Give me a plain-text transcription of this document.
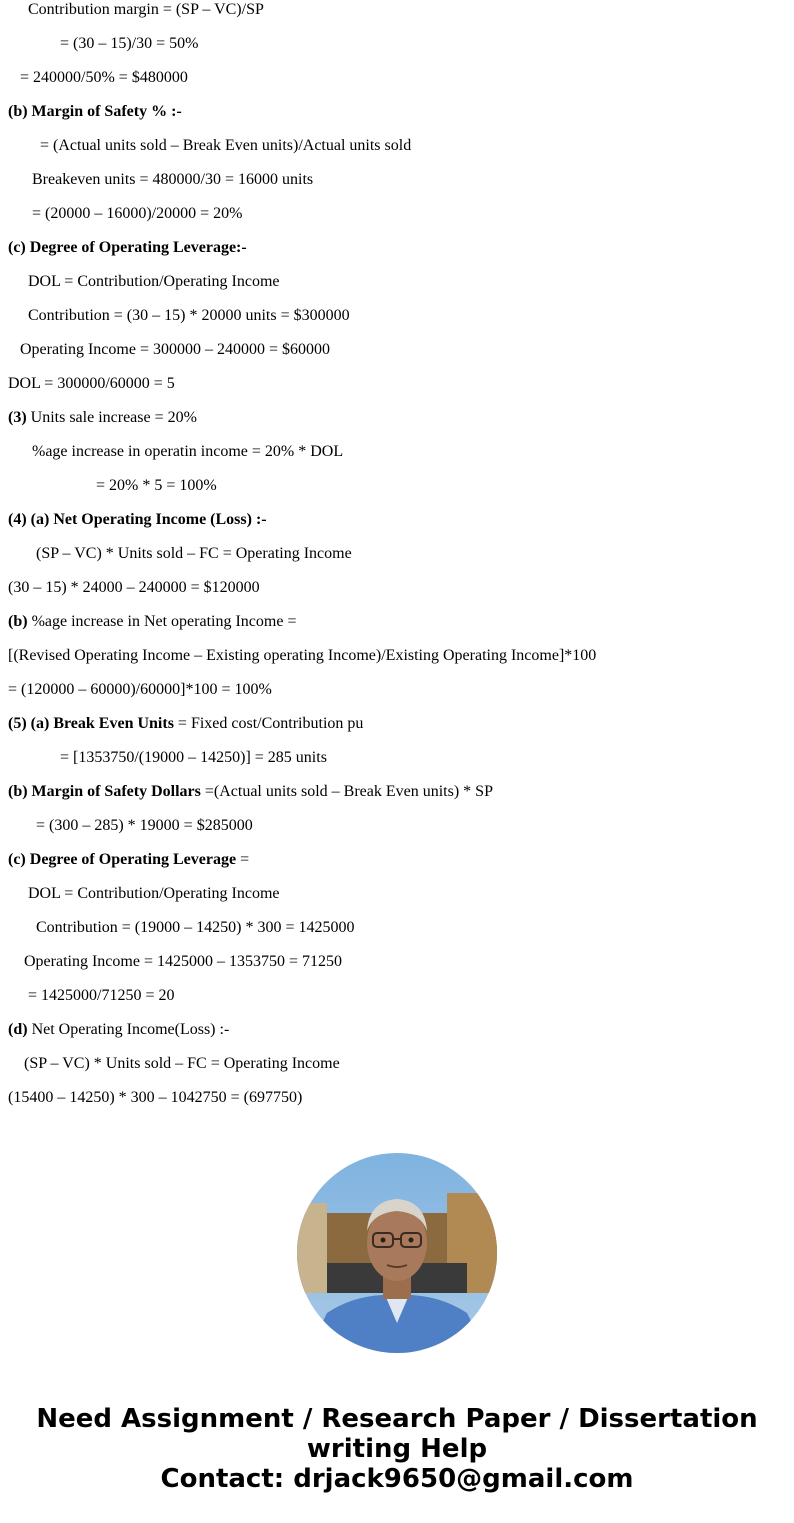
Contribution margin = (SP – VC)/SP
= (30 – 15)/30 = 50%
= 240000/50% = $480000
(b) Margin of Safety % :-
= (Actual units sold – Break Even units)/Actual units sold
Breakeven units = 480000/30 = 16000 units
= (20000 – 16000)/20000 = 20%
(c) Degree of Operating Leverage:-
DOL = Contribution/Operating Income
Contribution = (30 – 15) * 20000 units = $300000
Operating Income = 300000 – 240000 = $60000
DOL = 300000/60000 = 5
(3) Units sale increase = 20%
%age increase in operatin income = 20% * DOL
= 20% * 5 = 100%
(4) (a) Net Operating Income (Loss) :-
(SP – VC) * Units sold – FC = Operating Income
(30 – 15) * 24000 – 240000 = $120000
(b) %age increase in Net operating Income =
[(Revised Operating Income – Existing operating Income)/Existing Operating Income]*100
= (120000 – 60000)/60000]*100 = 100%
(5) (a) Break Even Units = Fixed cost/Contribution pu
= [1353750/(19000 – 14250)] = 285 units
(b) Margin of Safety Dollars =(Actual units sold – Break Even units) * SP
= (300 – 285) * 19000 = $285000
(c) Degree of Operating Leverage =
DOL = Contribution/Operating Income
Contribution = (19000 – 14250) * 300 = 1425000
Operating Income = 1425000 – 1353750 = 71250
= 1425000/71250 = 20
(d) Net Operating Income(Loss) :-
(SP – VC) * Units sold – FC = Operating Income
(15400 – 14250) * 300 – 1042750 = (697750)
Need Assignment / Research Paper / Dissertation
writing Help
Contact: drjack9650@gmail.com
